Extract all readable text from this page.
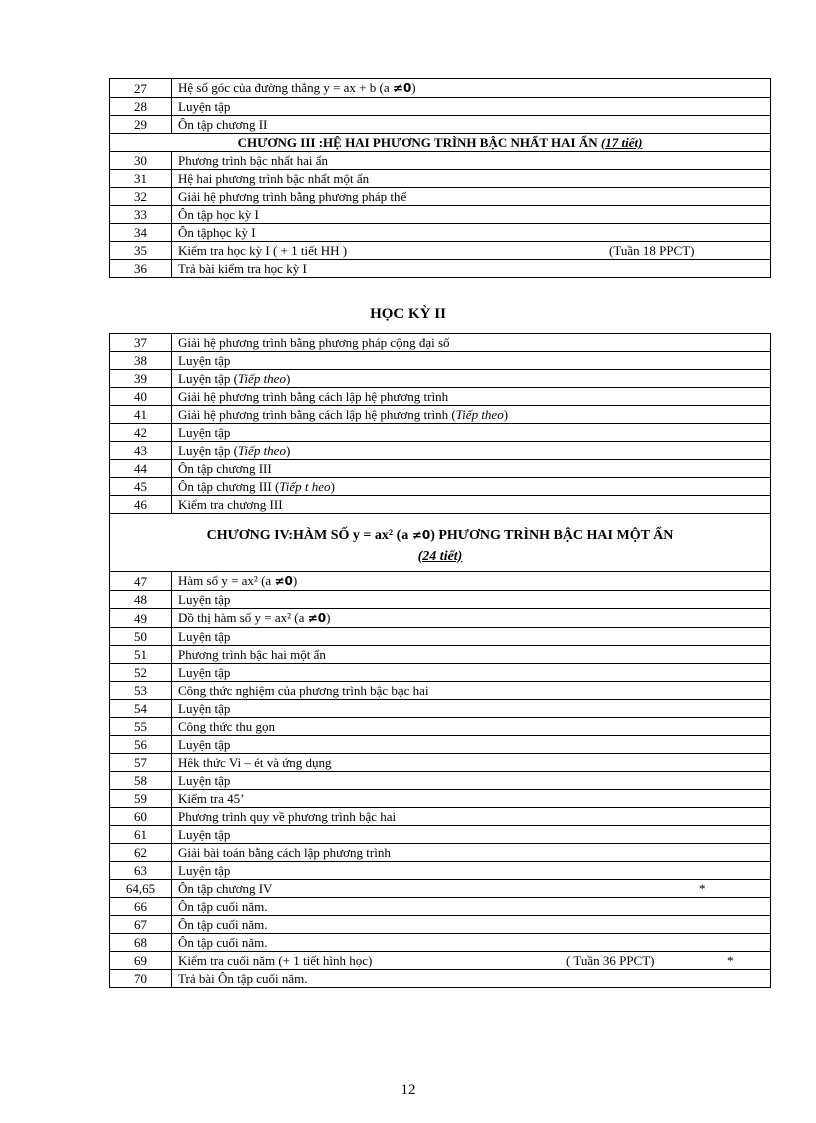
27	Hệ số góc của đường thẳng y = ax + b (a ≠0)
28	Luyện tập
29	Ôn tập chương II
CHƯƠNG III :HỆ HAI PHƯƠNG TRÌNH BẬC NHẤT HAI ẨN (17 tiết)	
30	Phương trình bậc nhất hai ẩn
31	Hệ hai phương trình bậc nhất một ẩn
32	Giải hệ phương trình bằng phương pháp thế
33	Ôn tập học kỳ I
34	Ôn tậphọc kỳ I
35	Kiểm tra học kỳ I ( + 1 tiết HH ) (Tuần 18 PPCT)

36	Trả bài kiểm tra học kỳ I
HỌC KỲ II
37	Giải hệ phương trình bằng phương pháp cộng đại số
38	Luyện tập
39	Luyện tập (Tiếp theo)
40	Giải hệ phương trình bằng cách lập hệ phương trình
41	Giải hệ phương trình bằng cách lập hệ phương trình (Tiếp theo)
42	Luyện tập
43	Luyện tập (Tiếp theo)
44	Ôn tập chương III
45	Ôn tập chương III (Tiếp t heo)
46	Kiểm tra chương III
CHƯƠNG IV:HÀM SỐ y = ax² (a ≠0) PHƯƠNG TRÌNH BẬC HAI MỘT ẨN
(24 tiết)	
47	Hàm số y = ax² (a ≠0)
48	Luyện tập
49	Dồ thị hàm số y = ax² (a ≠0)
50	Luyện tập
51	Phương trình bậc hai một ẩn
52	Luyện tập
53	Công thức nghiệm của phương trình bậc bạc hai
54	Luyện tập
55	Công thức thu gọn
56	Luyện tập
57	Hêk thức Vi – ét và ứng dụng
58	Luyện tập
59	Kiểm tra 45’
60	Phương trình quy về phương trình bậc hai
61	Luyện tập
62	Giải bài toán bằng cách lập phương trình
63	Luyện tập
64,65	Ôn tập chương IV *

66	Ôn tập cuối năm.
67	Ôn tập cuối năm.
68	Ôn tập cuối năm.
69	Kiểm tra cuối năm (+ 1 tiết hình học) ( Tuần 36 PPCT) *

70	Trả bài Ôn tập cuối năm.
12
